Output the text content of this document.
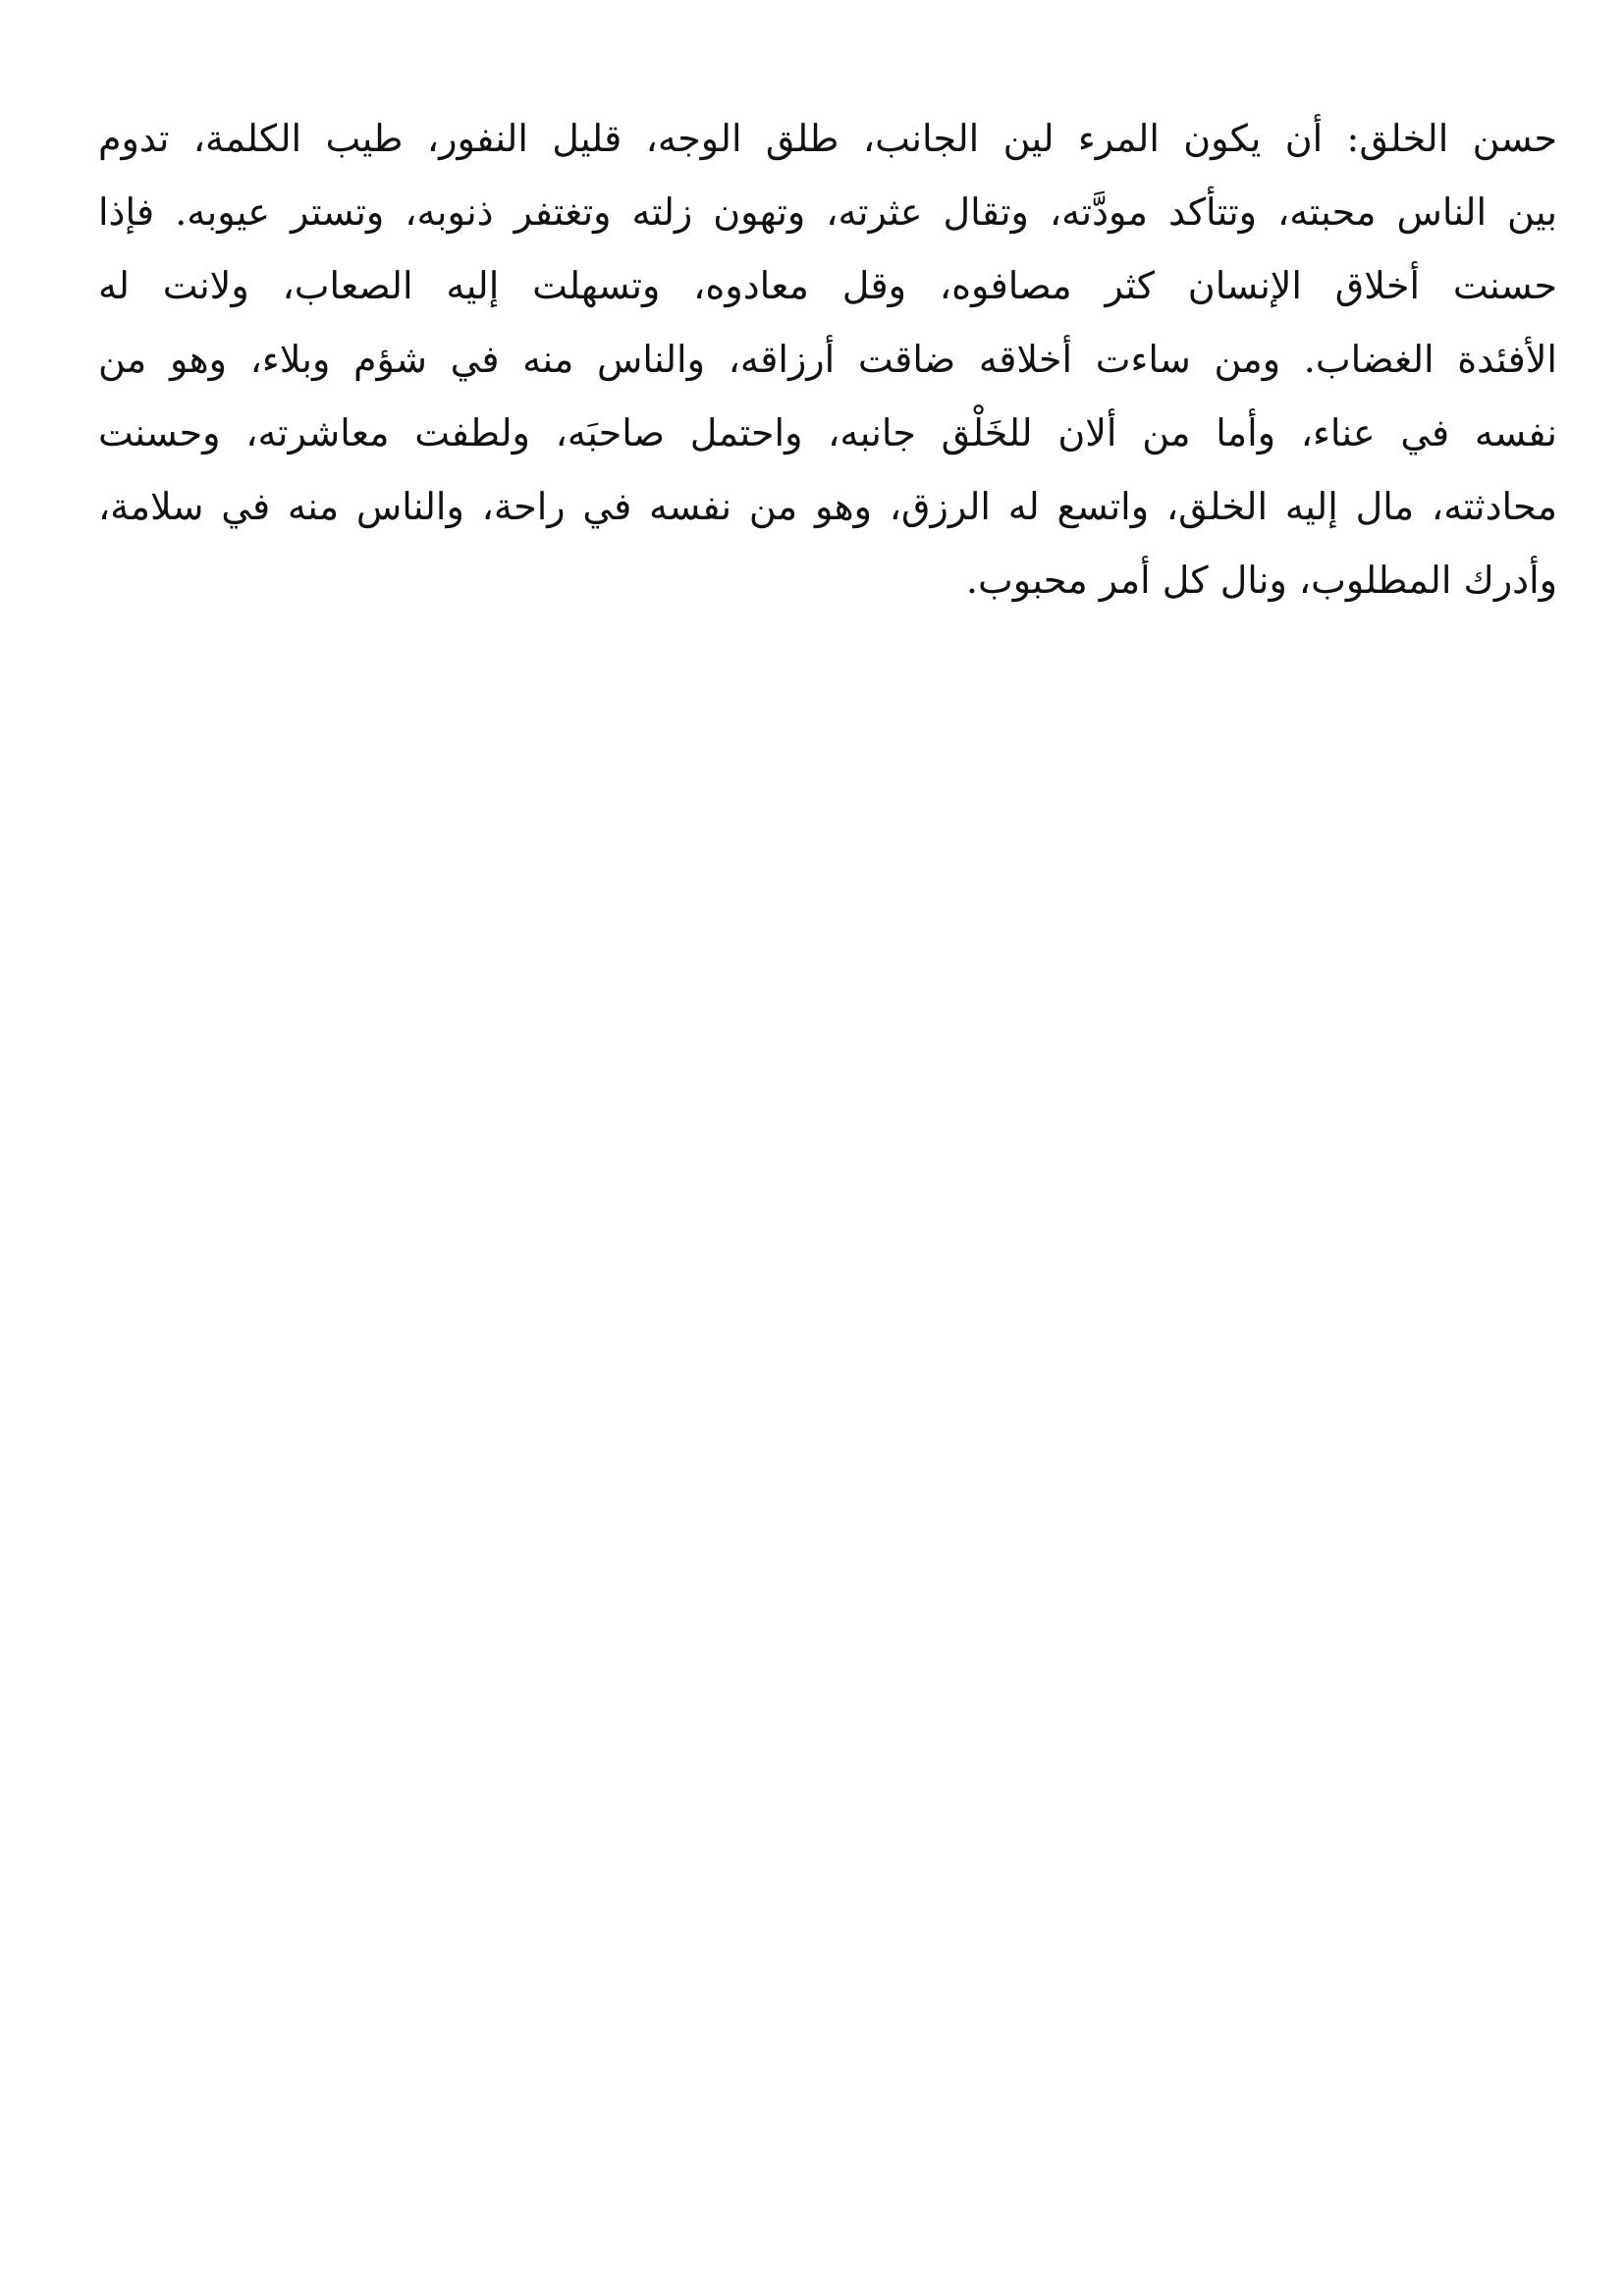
حسن الخلق: أن يكون المرء لين الجانب، طلق الوجه، قليل النفور، طيب الكلمة، تدوم
بين الناس محبته، وتتأكد مودَّته، وتقال عثرته، وتهون زلته وتغتفر ذنوبه، وتستر عيوبه. فإذا
حسنت أخلاق الإنسان كثر مصافوه، وقل معادوه، وتسهلت إليه الصعاب، ولانت له
الأفئدة الغضاب. ومن ساءت أخلاقه ضاقت أرزاقه، والناس منه في شؤم وبلاء، وهو من
نفسه في عناء، وأما من ألان للخَلْق جانبه، واحتمل صاحبَه، ولطفت معاشرته، وحسنت
محادثته، مال إليه الخلق، واتسع له الرزق، وهو من نفسه في راحة، والناس منه في سلامة،
وأدرك المطلوب، ونال كل أمر محبوب.
